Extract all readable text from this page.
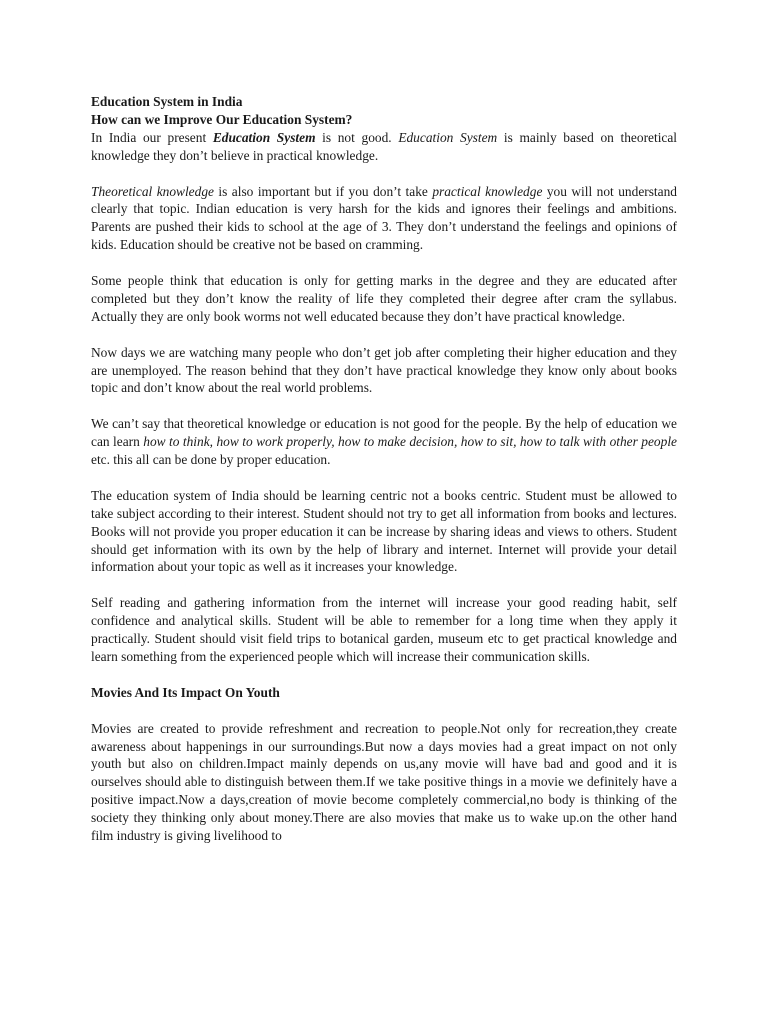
Education System in India
How can we Improve Our Education System?

In India our present Education System is not good. Education System is mainly based on theoretical knowledge they don’t believe in practical knowledge.

Theoretical knowledge is also important but if you don’t take practical knowledge you will not understand clearly that topic. Indian education is very harsh for the kids and ignores their feelings and ambitions. Parents are pushed their kids to school at the age of 3. They don’t understand the feelings and opinions of kids. Education should be creative not be based on cramming.

Some people think that education is only for getting marks in the degree and they are educated after completed but they don’t know the reality of life they completed their degree after cram the syllabus. Actually they are only book worms not well educated because they don’t have practical knowledge.

Now days we are watching many people who don’t get job after completing their higher education and they are unemployed. The reason behind that they don’t have practical knowledge they know only about books topic and don’t know about the real world problems.

We can’t say that theoretical knowledge or education is not good for the people. By the help of education we can learn how to think, how to work properly, how to make decision, how to sit, how to talk with other people etc. this all can be done by proper education.

The education system of India should be learning centric not a books centric. Student must be allowed to take subject according to their interest. Student should not try to get all information from books and lectures. Books will not provide you proper education it can be increase by sharing ideas and views to others. Student should get information with its own by the help of library and internet. Internet will provide your detail information about your topic as well as it increases your knowledge.

Self reading and gathering information from the internet will increase your good reading habit, self confidence and analytical skills. Student will be able to remember for a long time when they apply it practically. Student should visit field trips to botanical garden, museum etc to get practical knowledge and learn something from the experienced people which will increase their communication skills.

Movies And Its Impact On Youth

Movies are created to provide refreshment and recreation to people.Not only for recreation,they create awareness about happenings in our surroundings.But now a days movies had a great impact on not only youth but also on children.Impact mainly depends on us,any movie will have bad and good and it is ourselves should able to distinguish between them.If we take positive things in a movie we definitely have a positive impact.Now a days,creation of movie become completely commercial,no body is thinking of the society they thinking only about money.There are also movies that make us to wake up.on the other hand film industry is giving livelihood to
